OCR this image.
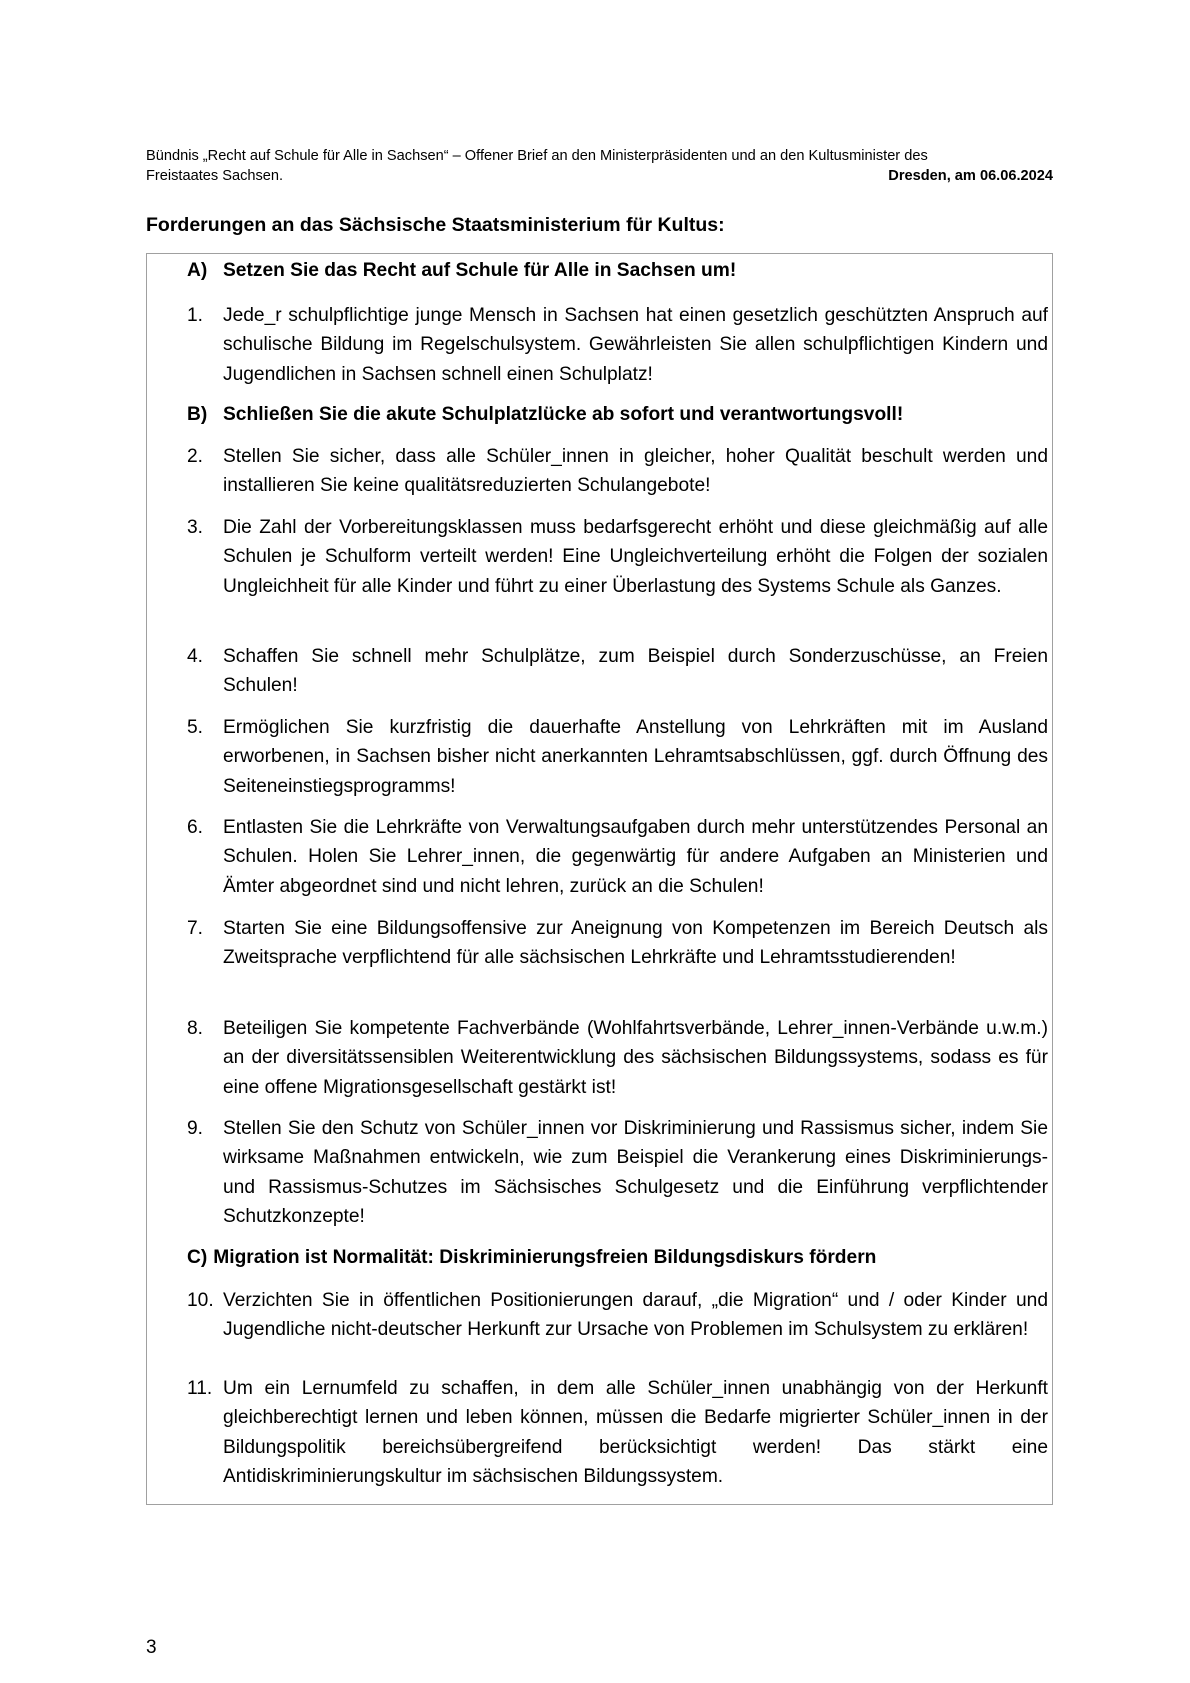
Bündnis „Recht auf Schule für Alle in Sachsen“ – Offener Brief an den Ministerpräsidenten und an den Kultusminister des
Freistaates Sachsen.	Dresden, am 06.06.2024
Forderungen an das Sächsische Staatsministerium für Kultus:
A) Setzen Sie das Recht auf Schule für Alle in Sachsen um!
1. Jede_r schulpflichtige junge Mensch in Sachsen hat einen gesetzlich geschützten Anspruch auf schulische Bildung im Regelschulsystem. Gewährleisten Sie allen schulpflichtigen Kindern und Jugendlichen in Sachsen schnell einen Schulplatz!
B) Schließen Sie die akute Schulplatzlücke ab sofort und verantwortungsvoll!
2. Stellen Sie sicher, dass alle Schüler_innen in gleicher, hoher Qualität beschult werden und installieren Sie keine qualitätsreduzierten Schulangebote!
3. Die Zahl der Vorbereitungsklassen muss bedarfsgerecht erhöht und diese gleichmäßig auf alle Schulen je Schulform verteilt werden! Eine Ungleichverteilung erhöht die Folgen der sozialen Ungleichheit für alle Kinder und führt zu einer Überlastung des Systems Schule als Ganzes.
4. Schaffen Sie schnell mehr Schulplätze, zum Beispiel durch Sonderzuschüsse, an Freien Schulen!
5. Ermöglichen Sie kurzfristig die dauerhafte Anstellung von Lehrkräften mit im Ausland erworbenen, in Sachsen bisher nicht anerkannten Lehramtsabschlüssen, ggf. durch Öffnung des Seiteneinstiegsprogramms!
6. Entlasten Sie die Lehrkräfte von Verwaltungsaufgaben durch mehr unterstützendes Personal an Schulen. Holen Sie Lehrer_innen, die gegenwärtig für andere Aufgaben an Ministerien und Ämter abgeordnet sind und nicht lehren, zurück an die Schulen!
7. Starten Sie eine Bildungsoffensive zur Aneignung von Kompetenzen im Bereich Deutsch als Zweitsprache verpflichtend für alle sächsischen Lehrkräfte und Lehramtsstudierenden!
8. Beteiligen Sie kompetente Fachverbände (Wohlfahrtsverbände, Lehrer_innen-Verbände u.w.m.) an der diversitätssensiblen Weiterentwicklung des sächsischen Bildungssystems, sodass es für eine offene Migrationsgesellschaft gestärkt ist!
9. Stellen Sie den Schutz von Schüler_innen vor Diskriminierung und Rassismus sicher, indem Sie wirksame Maßnahmen entwickeln, wie zum Beispiel die Verankerung eines Diskriminierungs- und Rassismus-Schutzes im Sächsisches Schulgesetz und die Einführung verpflichtender Schutzkonzepte!
C) Migration ist Normalität: Diskriminierungsfreien Bildungsdiskurs fördern
10. Verzichten Sie in öffentlichen Positionierungen darauf, „die Migration“ und / oder Kinder und Jugendliche nicht-deutscher Herkunft zur Ursache von Problemen im Schulsystem zu erklären!
11. Um ein Lernumfeld zu schaffen, in dem alle Schüler_innen unabhängig von der Herkunft gleichberechtigt lernen und leben können, müssen die Bedarfe migrierter Schüler_innen in der Bildungspolitik bereichsübergreifend berücksichtigt werden! Das stärkt eine Antidiskriminierungskultur im sächsischen Bildungssystem.
3
